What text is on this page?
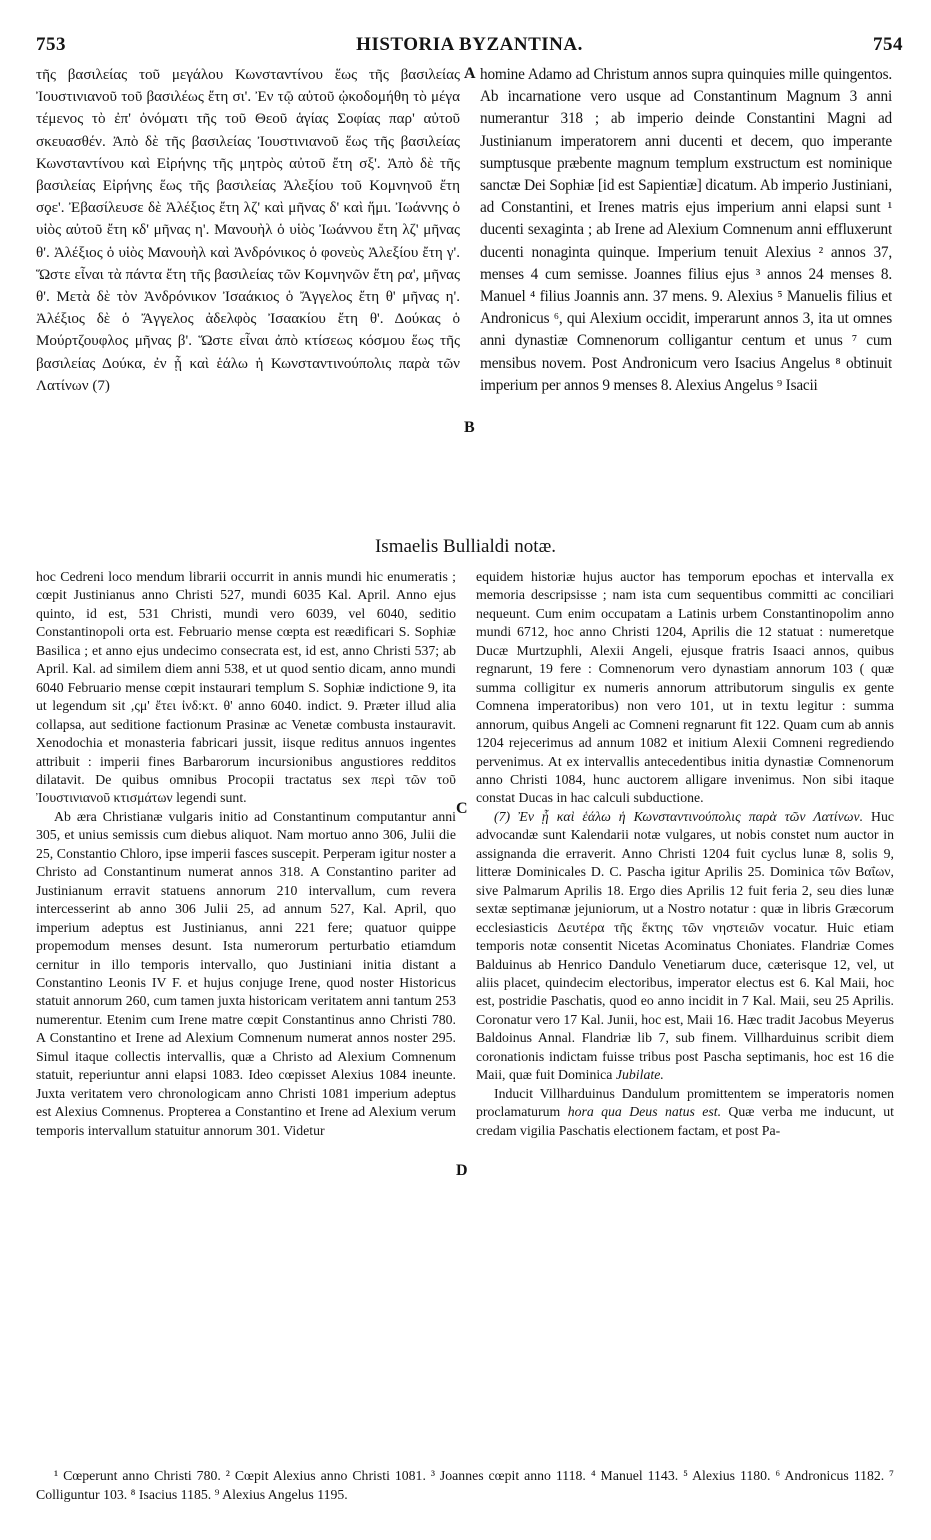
753	HISTORIA BYZANTINA.	754

τῆς βασιλείας τοῦ μεγάλου Κωνσταντίνου ἕως τῆς βασιλείας Ἰουστινιανοῦ τοῦ βασιλέως ἔτη σι'. Ἐν τῷ αὐτοῦ ᾠκοδομήθη τὸ μέγα τέμενος τὸ ἐπ' ὀνόματι τῆς τοῦ Θεοῦ ἁγίας Σοφίας παρ' αὐτοῦ σκευασθέν. Ἀπὸ δὲ τῆς βασιλείας Ἰουστινιανοῦ ἕως τῆς βασιλείας Κωνσταντίνου καὶ Εἰρήνης τῆς μητρὸς αὐτοῦ ἔτη σξ'. Ἀπὸ δὲ τῆς βασιλείας Εἰρήνης ἕως τῆς βασιλείας Ἀλεξίου τοῦ Κομνηνοῦ ἔτη σϙε'. Ἐβασίλευσε δὲ Ἀλέξιος ἔτη λζ' καὶ μῆνας δ' καὶ ἥμι. Ἰωάννης ὁ υἱὸς αὐτοῦ ἔτη κδ' μῆνας η'. Μανουὴλ ὁ υἱὸς Ἰωάννου ἔτη λζ' μῆνας θ'. Ἀλέξιος ὁ υἱὸς Μανουὴλ καὶ Ἀνδρόνικος ὁ φονεὺς Ἀλεξίου ἔτη γ'. Ὥστε εἶναι τὰ πάντα ἔτη τῆς βασιλείας τῶν Κομνηνῶν ἔτη ρα', μῆνας θ'. Μετὰ δὲ τὸν Ἀνδρόνικον Ἰσαάκιος ὁ Ἄγγελος ἔτη θ' μῆνας η'. Ἀλέξιος δὲ ὁ Ἄγγελος ἀδελφὸς Ἰσαακίου ἔτη θ'. Δούκας ὁ Μούρτζουφλος μῆνας β'. Ὥστε εἶναι ἀπὸ κτίσεως κόσμου ἕως τῆς βασιλείας Δούκα, ἐν ᾗ καὶ ἑάλω ἡ Κωνσταντινούπολις παρὰ τῶν Λατίνων (7)

A
B

homine Adamo ad Christum annos supra quinquies mille quingentos. Ab incarnatione vero usque ad Constantinum Magnum 3 anni numerantur 318 ; ab imperio deinde Constantini Magni ad Justinianum imperatorem anni ducenti et decem, quo imperante sumptusque præbente magnum templum exstructum est nominique sanctæ Dei Sophiæ [id est Sapientiæ] dicatum. Ab imperio Justiniani, ad Constantini, et Irenes matris ejus imperium anni elapsi sunt ¹ ducenti sexaginta ; ab Irene ad Alexium Comnenum anni effluxerunt ducenti nonaginta quinque. Imperium tenuit Alexius ² annos 37, menses 4 cum semisse. Joannes filius ejus ³ annos 24 menses 8. Manuel ⁴ filius Joannis ann. 37 mens. 9. Alexius ⁵ Manuelis filius et Andronicus ⁶, qui Alexium occidit, imperarunt annos 3, ita ut omnes anni dynastiæ Comnenorum colligantur centum et unus ⁷ cum mensibus novem. Post Andronicum vero Isacius Angelus ⁸ obtinuit imperium per annos 9 menses 8. Alexius Angelus ⁹ Isacii

Ismaelis Bullialdi notæ.

hoc Cedreni loco mendum librarii occurrit in annis mundi hic enumeratis ; cœpit Justinianus anno Christi 527, mundi 6035 Kal. April. Anno ejus quinto, id est, 531 Christi, mundi vero 6039, vel 6040, seditio Constantinopoli orta est. Februario mense cœpta est reædificari S. Sophiæ Basilica ; et anno ejus undecimo consecrata est, id est, anno Christi 537; ab April. Kal. ad similem diem anni 538, et ut quod sentio dicam, anno mundi 6040 Februario mense cœpit instaurari templum S. Sophiæ indictione 9, ita ut legendum sit ,ςμ' ἔτει ἰνδ:κτ. θ' anno 6040. indict. 9. Præter illud alia collapsa, aut seditione factionum Prasinæ ac Venetæ combusta instauravit. Xenodochia et monasteria fabricari jussit, iisque reditus annuos ingentes attribuit : imperii fines Barbarorum incursionibus angustiores redditos dilatavit. De quibus omnibus Procopii tractatus sex περὶ τῶν τοῦ Ἰουστινιανοῦ κτισμάτων legendi sunt.

Ab æra Christianæ vulgaris initio ad Constantinum computantur anni 305, et unius semissis cum diebus aliquot. Nam mortuo anno 306, Julii die 25, Constantio Chloro, ipse imperii fasces suscepit. Perperam igitur noster a Christo ad Constantinum numerat annos 318. A Constantino pariter ad Justinianum erravit statuens annorum 210 intervallum, cum revera intercesserint ab anno 306 Julii 25, ad annum 527, Kal. April, quo imperium adeptus est Justinianus, anni 221 fere; quatuor quippe propemodum menses desunt. Ista numerorum perturbatio etiamdum cernitur in illo temporis intervallo, quo Justiniani initia distant a Constantino Leonis IV F. et hujus conjuge Irene, quod noster Historicus statuit annorum 260, cum tamen juxta historicam veritatem anni tantum 253 numerentur. Etenim cum Irene matre cœpit Constantinus anno Christi 780. A Constantino et Irene ad Alexium Comnenum numerat annos noster 295. Simul itaque collectis intervallis, quæ a Christo ad Alexium Comnenum statuit, reperiuntur anni elapsi 1083. Ideo cœpisset Alexius 1084 ineunte. Juxta veritatem vero chronologicam anno Christi 1081 imperium adeptus est Alexius Comnenus. Propterea a Constantino et Irene ad Alexium verum temporis intervallum statuitur annorum 301. Videtur

C
D

equidem historiæ hujus auctor has temporum epochas et intervalla ex memoria descripsisse ; nam ista cum sequentibus committi ac conciliari nequeunt. Cum enim occupatam a Latinis urbem Constantinopolim anno mundi 6712, hoc anno Christi 1204, Aprilis die 12 statuat : numeretque Ducæ Murtzuphli, Alexii Angeli, ejusque fratris Isaaci annos, quibus regnarunt, 19 fere : Comnenorum vero dynastiam annorum 103 ( quæ summa colligitur ex numeris annorum attributorum singulis ex gente Comnena imperatoribus) non vero 101, ut in textu legitur : summa annorum, quibus Angeli ac Comneni regnarunt fit 122. Quam cum ab annis 1204 rejecerimus ad annum 1082 et initium Alexii Comneni regrediendo pervenimus. At ex intervallis antecedentibus initia dynastiæ Comnenorum anno Christi 1084, hunc auctorem alligare invenimus. Non sibi itaque constat Ducas in hac calculi subductione.

(7) Ἐν ᾗ καὶ ἑάλω ἡ Κωνσταντινούπολις παρὰ τῶν Λατίνων. Huc advocandæ sunt Kalendarii notæ vulgares, ut nobis constet num auctor in assignanda die erraverit. Anno Christi 1204 fuit cyclus lunæ 8, solis 9, litteræ Dominicales D. C. Pascha igitur Aprilis 25. Dominica τῶν Βαΐων, sive Palmarum Aprilis 18. Ergo dies Aprilis 12 fuit feria 2, seu dies lunæ sextæ septimanæ jejuniorum, ut a Nostro notatur : quæ in libris Græcorum ecclesiasticis Δευτέρα τῆς ἕκτης τῶν νηστειῶν vocatur. Huic etiam temporis notæ consentit Nicetas Acominatus Choniates. Flandriæ Comes Balduinus ab Henrico Dandulo Venetiarum duce, cæterisque 12, vel, ut aliis placet, quindecim electoribus, imperator electus est 6. Kal Maii, hoc est, postridie Paschatis, quod eo anno incidit in 7 Kal. Maii, seu 25 Aprilis. Coronatur vero 17 Kal. Junii, hoc est, Maii 16. Hæc tradit Jacobus Meyerus Baldoinus Annal. Flandriæ lib 7, sub finem. Villharduinus scribit diem coronationis indictam fuisse tribus post Pascha septimanis, hoc est 16 die Maii, quæ fuit Dominica Jubilate.

Inducit Villharduinus Dandulum promittentem se imperatoris nomen proclamaturum hora qua Deus natus est. Quæ verba me inducunt, ut credam vigilia Paschatis electionem factam, et post Pa-

¹ Cœperunt anno Christi 780. ² Cœpit Alexius anno Christi 1081. ³ Joannes cœpit anno 1118. ⁴ Manuel 1143. ⁵ Alexius 1180. ⁶ Andronicus 1182. ⁷ Colliguntur 103. ⁸ Isacius 1185. ⁹ Alexius Angelus 1195.
